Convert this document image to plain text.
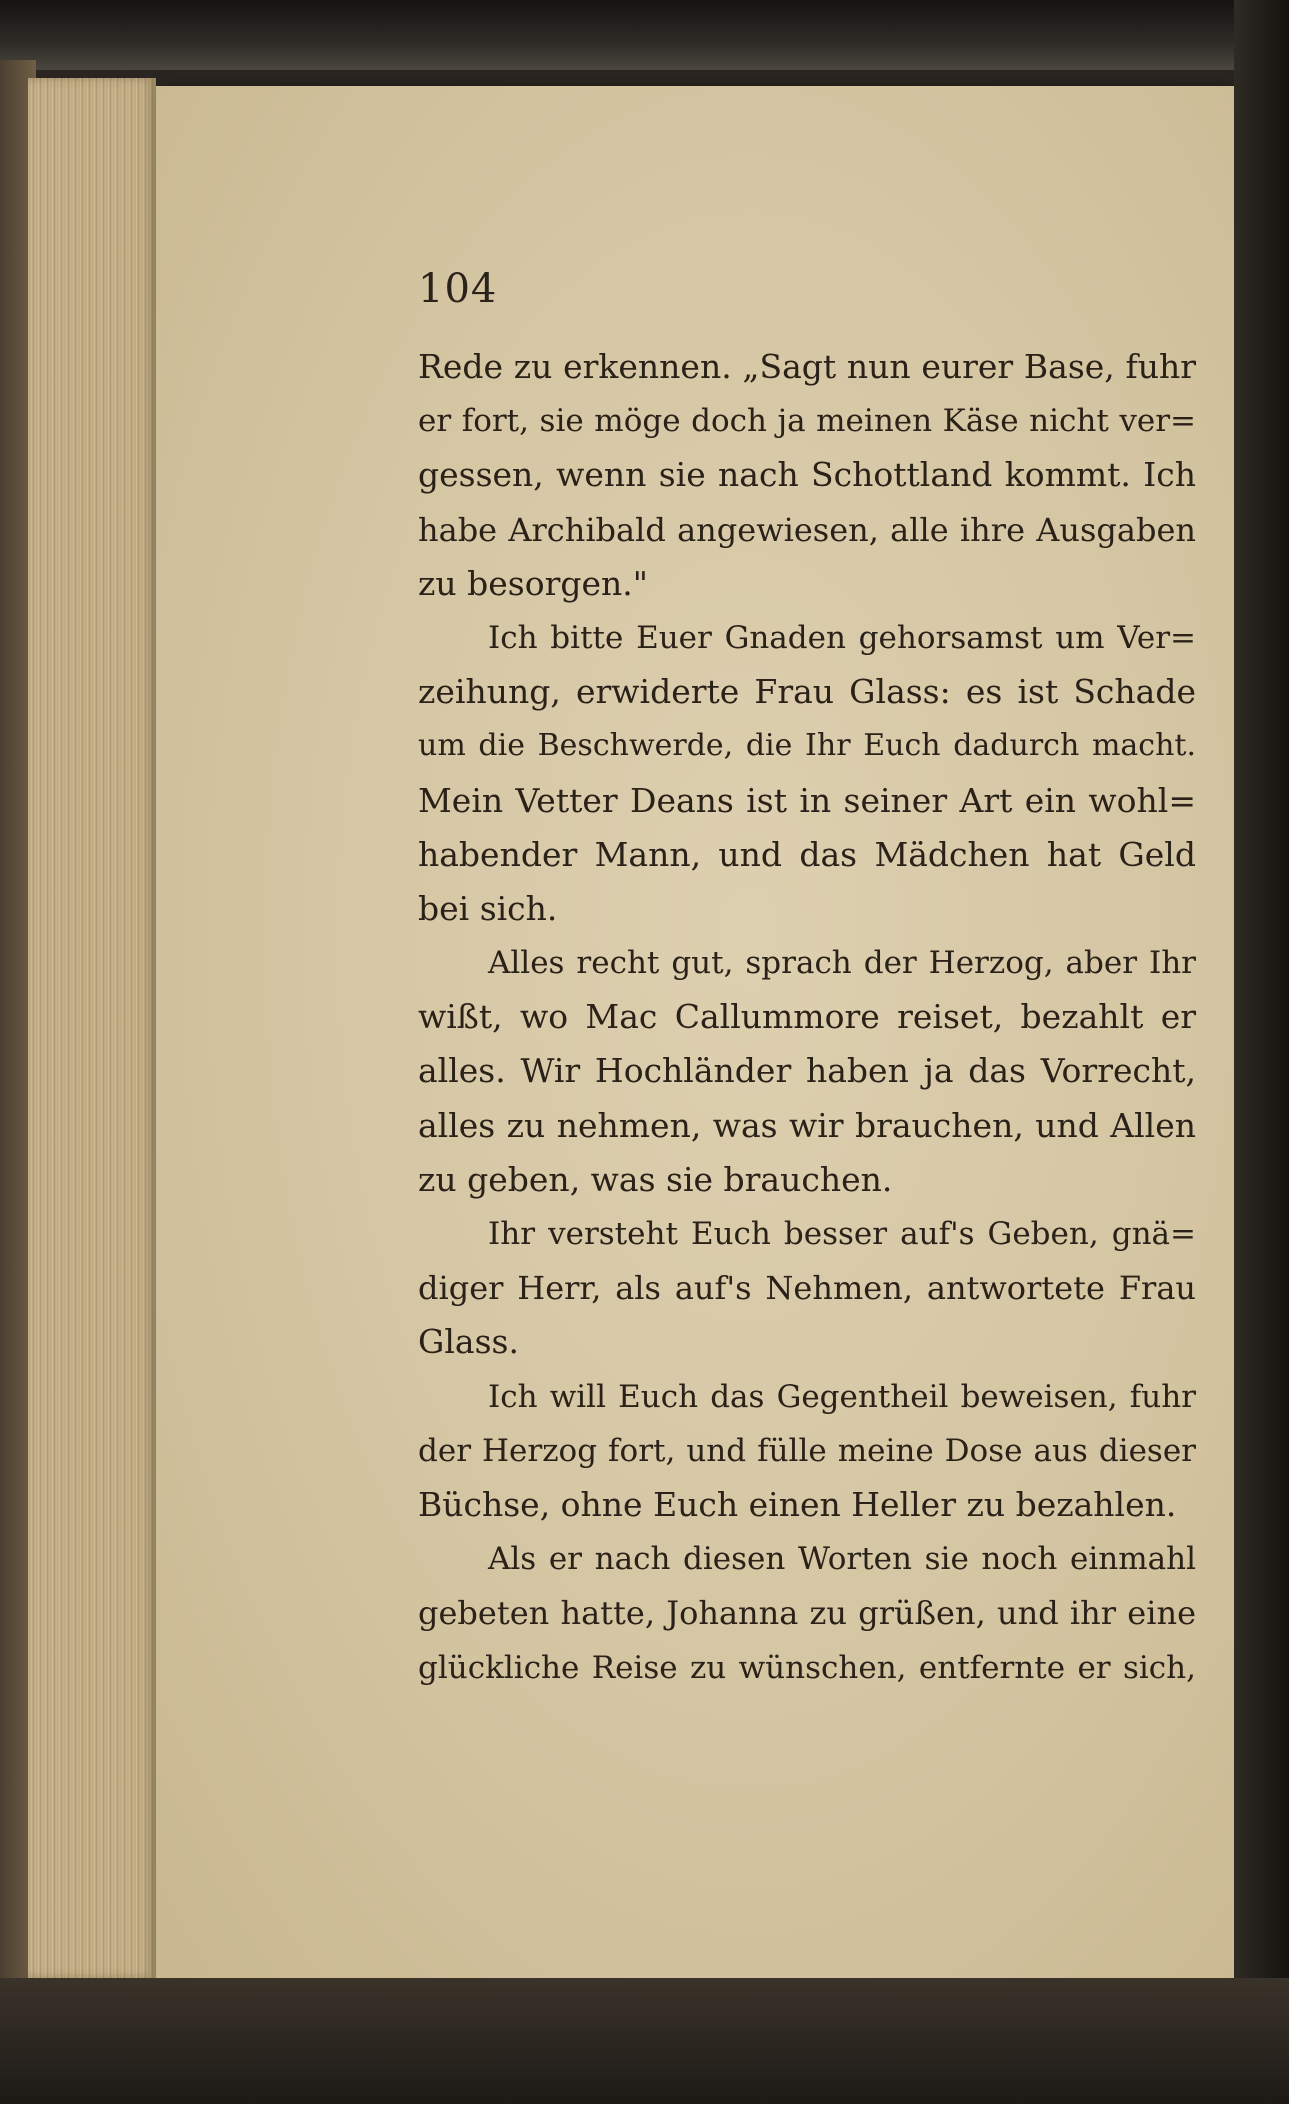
104
Rede zu erkennen. „Sagt nun eurer Base, fuhr
er fort, sie möge doch ja meinen Käse nicht ver=
gessen, wenn sie nach Schottland kommt. Ich
habe Archibald angewiesen, alle ihre Ausgaben
zu besorgen."
Ich bitte Euer Gnaden gehorsamst um Ver=
zeihung, erwiderte Frau Glass: es ist Schade
um die Beschwerde, die Ihr Euch dadurch macht.
Mein Vetter Deans ist in seiner Art ein wohl=
habender Mann, und das Mädchen hat Geld
bei sich.
Alles recht gut, sprach der Herzog, aber Ihr
wißt, wo Mac Callummore reiset, bezahlt er
alles. Wir Hochländer haben ja das Vorrecht,
alles zu nehmen, was wir brauchen, und Allen
zu geben, was sie brauchen.
Ihr versteht Euch besser auf's Geben, gnä=
diger Herr, als auf's Nehmen, antwortete Frau
Glass.
Ich will Euch das Gegentheil beweisen, fuhr
der Herzog fort, und fülle meine Dose aus dieser
Büchse, ohne Euch einen Heller zu bezahlen.
Als er nach diesen Worten sie noch einmahl
gebeten hatte, Johanna zu grüßen, und ihr eine
glückliche Reise zu wünschen, entfernte er sich,
